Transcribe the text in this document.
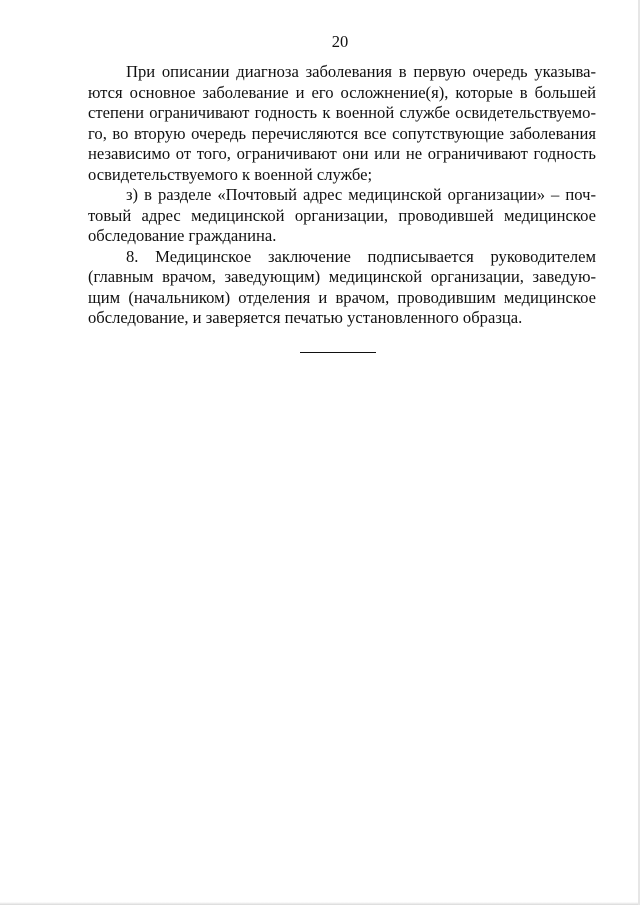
20

При описании диагноза заболевания в первую очередь указыва-
ются основное заболевание и его осложнение(я), которые в большей
степени ограничивают годность к военной службе освидетельствуемо-
го, во вторую очередь перечисляются все сопутствующие заболевания
независимо от того, ограничивают они или не ограничивают годность
освидетельствуемого к военной службе;

з) в разделе «Почтовый адрес медицинской организации» – поч-
товый адрес медицинской организации, проводившей медицинское
обследование гражданина.

8. Медицинское заключение подписывается руководителем
(главным врачом, заведующим) медицинской организации, заведую-
щим (начальником) отделения и врачом, проводившим медицинское
обследование, и заверяется печатью установленного образца.
